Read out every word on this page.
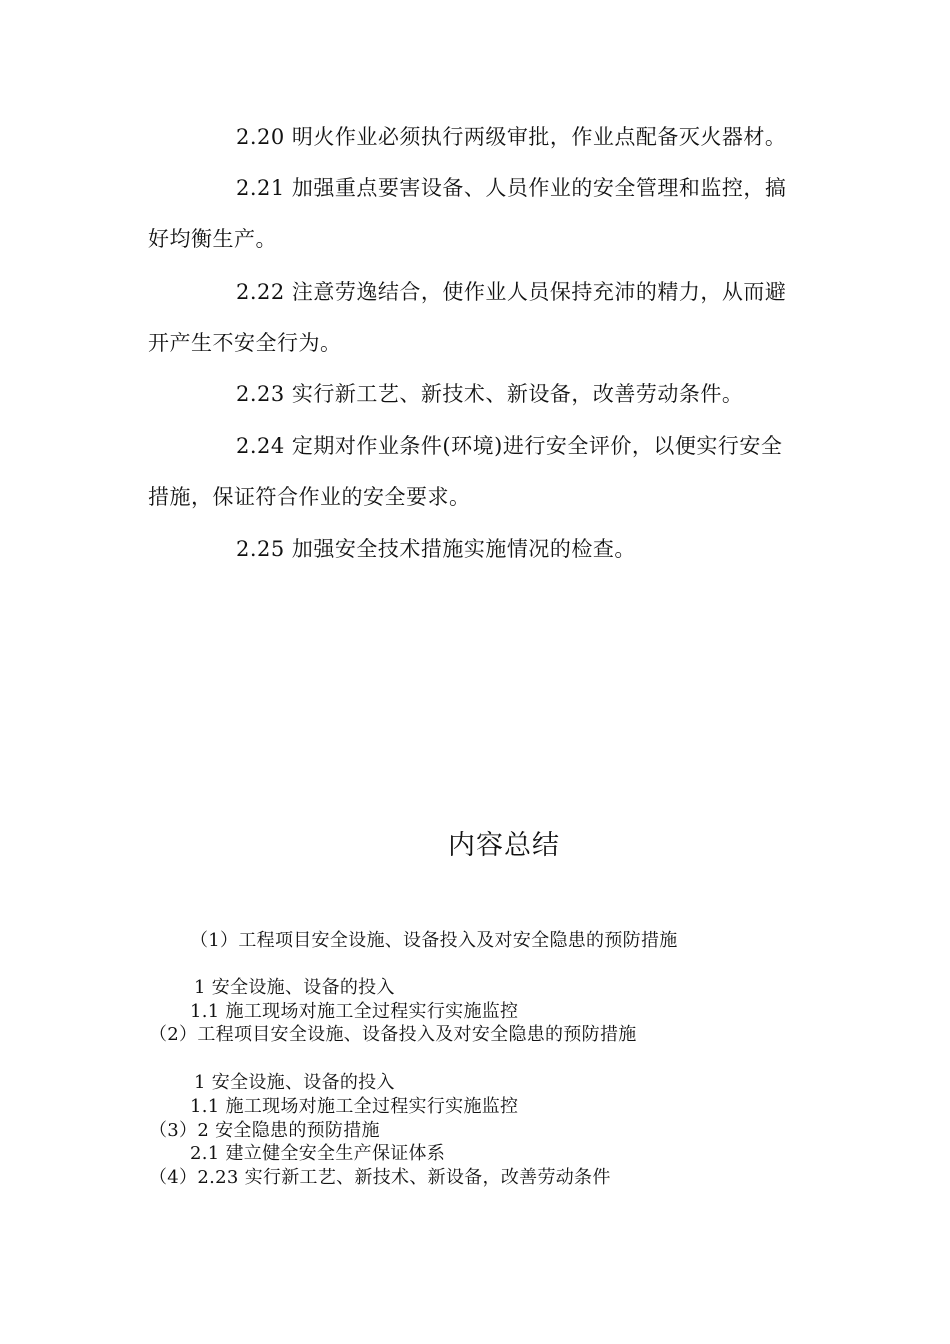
2.20 明火作业必须执行两级审批，作业点配备灭火器材。
2.21 加强重点要害设备、人员作业的安全管理和监控，搞
好均衡生产。
2.22 注意劳逸结合，使作业人员保持充沛的精力，从而避
开产生不安全行为。
2.23 实行新工艺、新技术、新设备，改善劳动条件。
2.24 定期对作业条件(环境)进行安全评价，以便实行安全
措施，保证符合作业的安全要求。
2.25 加强安全技术措施实施情况的检查。
内容总结
（1）工程项目安全设施、设备投入及对安全隐患的预防措施
1 安全设施、设备的投入
1.1 施工现场对施工全过程实行实施监控
（2）工程项目安全设施、设备投入及对安全隐患的预防措施
1 安全设施、设备的投入
1.1 施工现场对施工全过程实行实施监控
（3）2 安全隐患的预防措施
2.1 建立健全安全生产保证体系
（4）2.23 实行新工艺、新技术、新设备，改善劳动条件
